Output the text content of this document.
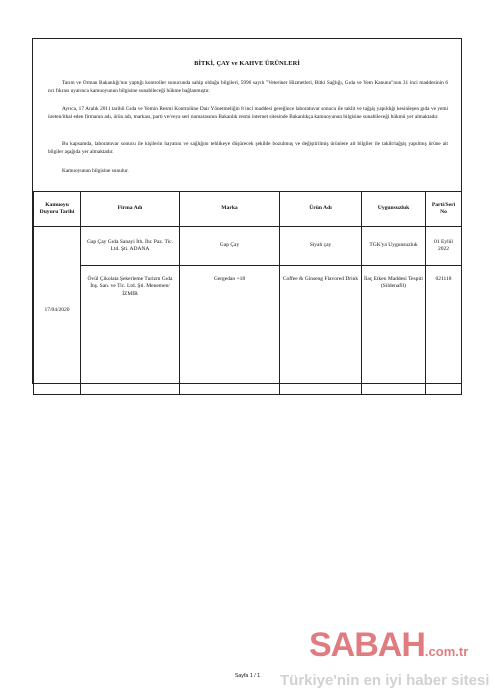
BİTKİ, ÇAY ve KAHVE ÜRÜNLERİ
Tarım ve Orman Bakanlığı'nın yaptığı kontroller sonucunda sahip olduğu bilgileri, 5996 sayılı "Veteriner Hizmetleri, Bitki Sağlığı, Gıda ve Yem Kanunu"nun 31 inci maddesinin 6 ncı fıkrası uyarınca kamuoyunun bilgisine sunabileceği hükme bağlanmıştır.
Ayrıca, 17 Aralık 2011 tarihli Gıda ve Yemin Resmi Kontrolüne Dair Yönetmeliğin 8 inci maddesi gereğince laboratuvar sonucu ile taklit ve tağşiş yapıldığı kesinleşen gıda ve yemi üreten/ithal eden firmanın adı, ürün adı, markası, parti ve/veya seri numarasının Bakanlık resmi internet sitesinde Bakanlıkça kamuoyunun bilgisine sunabileceği hükmü yer almaktadır.
Bu kapsamda, laboratuvar sonucu ile kişilerin hayatını ve sağlığını tehlikeye düşürecek şekilde bozulmuş ve değiştirilmiş ürünlere ait bilgiler ile taklit/tağşiş yapılmış ürüne ait bilgiler aşağıda yer almaktadır.
Kamuoyunun bilgisine sunulur.
Kamuoyu Duyuru Tarihi	Firma Adı	Marka	Ürün Adı	Uygunsuzluk	Parti/Seri No
17/04/2020	Gap Çay Gıda Sanayi İth. İhr. Paz. Tic. Ltd. Şti. ADANA	Gap Çay	Siyah çay	TGK'ya Uygunsuzluk	01 Eylül 2022
	Övül Çikolata Şekerleme Turizm Gıda İnş. San. ve Tic. Ltd. Şti. Menemen/İZMİR	Gergedan +18	Coffee & Ginseng Flavored Drink	İlaç Etken Maddesi Tespiti (Sildenafil)	021118
Sayfa 1 / 1
SABAH.com.tr
Türkiye'nin en iyi haber sitesi
